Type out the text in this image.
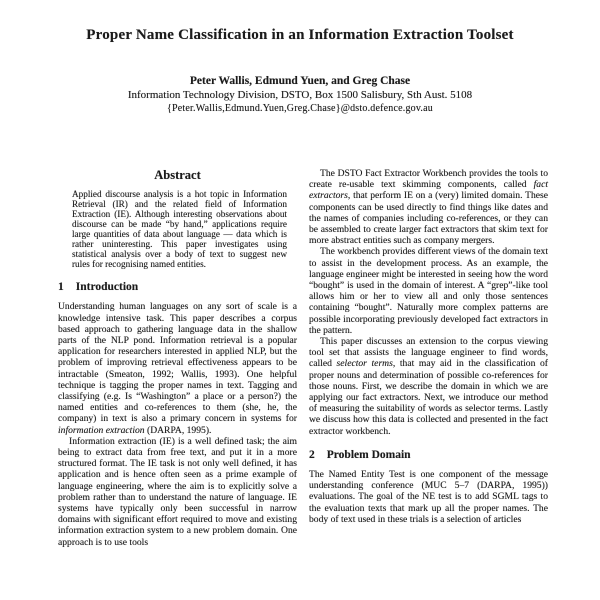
Proper Name Classification in an Information Extraction Toolset
Peter Wallis, Edmund Yuen, and Greg Chase
Information Technology Division, DSTO, Box 1500 Salisbury, Sth Aust. 5108
{Peter.Wallis,Edmund.Yuen,Greg.Chase}@dsto.defence.gov.au
Abstract
Applied discourse analysis is a hot topic in Information Retrieval (IR) and the related field of Information Extraction (IE). Although interesting observations about discourse can be made “by hand,” applications require large quantities of data about language — data which is rather uninteresting. This paper investigates using statistical analysis over a body of text to suggest new rules for recognising named entities.
1 Introduction

Understanding human languages on any sort of scale is a knowledge intensive task. This paper describes a corpus based approach to gathering language data in the shallow parts of the NLP pond. Information retrieval is a popular application for researchers interested in applied NLP, but the problem of improving retrieval effectiveness appears to be intractable (Smeaton, 1992; Wallis, 1993). One helpful technique is tagging the proper names in text. Tagging and classifying (e.g. Is “Washington” a place or a person?) the named entities and co-references to them (she, he, the company) in text is also a primary concern in systems for information extraction (DARPA, 1995).

Information extraction (IE) is a well defined task; the aim being to extract data from free text, and put it in a more structured format. The IE task is not only well defined, it has application and is hence often seen as a prime example of language engineering, where the aim is to explicitly solve a problem rather than to understand the nature of language. IE systems have typically only been successful in narrow domains with significant effort required to move and existing information extraction system to a new problem domain. One approach is to use tools

The DSTO Fact Extractor Workbench provides the tools to create re-usable text skimming components, called fact extractors, that perform IE on a (very) limited domain. These components can be used directly to find things like dates and the names of companies including co-references, or they can be assembled to create larger fact extractors that skim text for more abstract entities such as company mergers.

The workbench provides different views of the domain text to assist in the development process. As an example, the language engineer might be interested in seeing how the word “bought” is used in the domain of interest. A “grep”-like tool allows him or her to view all and only those sentences containing “bought”. Naturally more complex patterns are possible incorporating previously developed fact extractors in the pattern.

This paper discusses an extension to the corpus viewing tool set that assists the language engineer to find words, called selector terms, that may aid in the classification of proper nouns and determination of possible co-references for those nouns. First, we describe the domain in which we are applying our fact extractors. Next, we introduce our method of measuring the suitability of words as selector terms. Lastly we discuss how this data is collected and presented in the fact extractor workbench.

2 Problem Domain

The Named Entity Test is one component of the message understanding conference (MUC 5–7 (DARPA, 1995)) evaluations. The goal of the NE test is to add SGML tags to the evaluation texts that mark up all the proper names. The body of text used in these trials is a selection of articles
